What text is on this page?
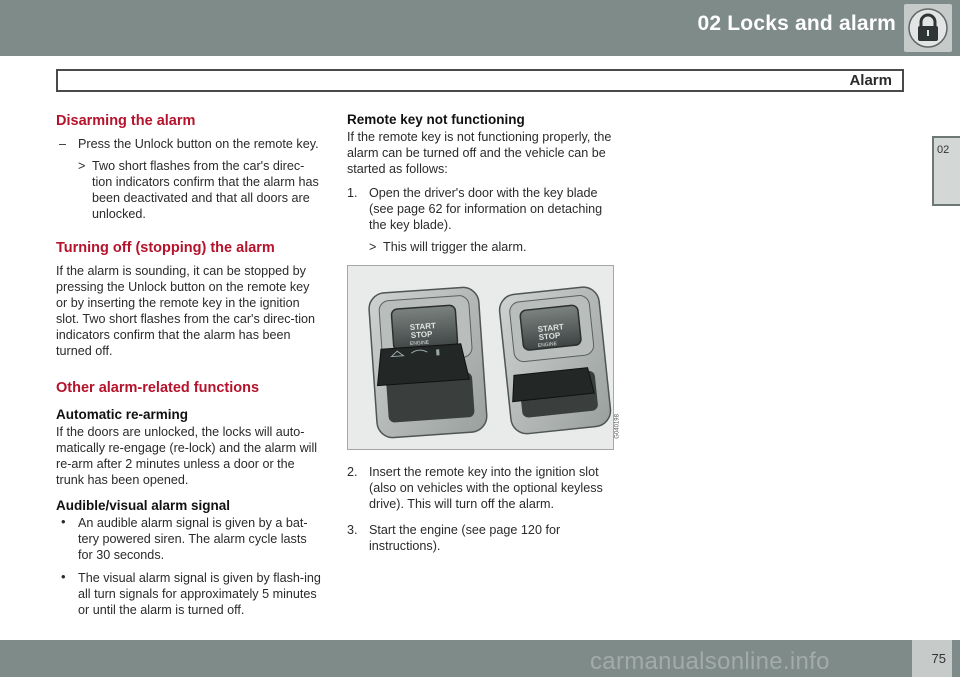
02 Locks and alarm
Alarm
02
Disarming the alarm
– Press the Unlock button on the remote key.
> Two short flashes from the car's direc-tion indicators confirm that the alarm has been deactivated and that all doors are unlocked.
Turning off (stopping) the alarm

If the alarm is sounding, it can be stopped by pressing the Unlock button on the remote key or by inserting the remote key in the ignition slot. Two short flashes from the car's direc-tion indicators confirm that the alarm has been turned off.

Other alarm-related functions
Automatic re-arming

If the doors are unlocked, the locks will auto-matically re-engage (re-lock) and the alarm will re-arm after 2 minutes unless a door or the trunk has been opened.

Audible/visual alarm signal
• An audible alarm signal is given by a bat-tery powered siren. The alarm cycle lasts for 30 seconds.
• The visual alarm signal is given by flash-ing all turn signals for approximately 5 minutes or until the alarm is turned off.
Remote key not functioning

If the remote key is not functioning properly, the alarm can be turned off and the vehicle can be started as follows:

1. Open the driver's door with the key blade (see page 62 for information on detaching the key blade).
> This will trigger the alarm.
START
STOP
ENGINE
START
STOP
ENGINE
G040198
2. Insert the remote key into the ignition slot (also on vehicles with the optional keyless drive). This will turn off the alarm.
3. Start the engine (see page 120 for instructions).
carmanualsonline.info	75
